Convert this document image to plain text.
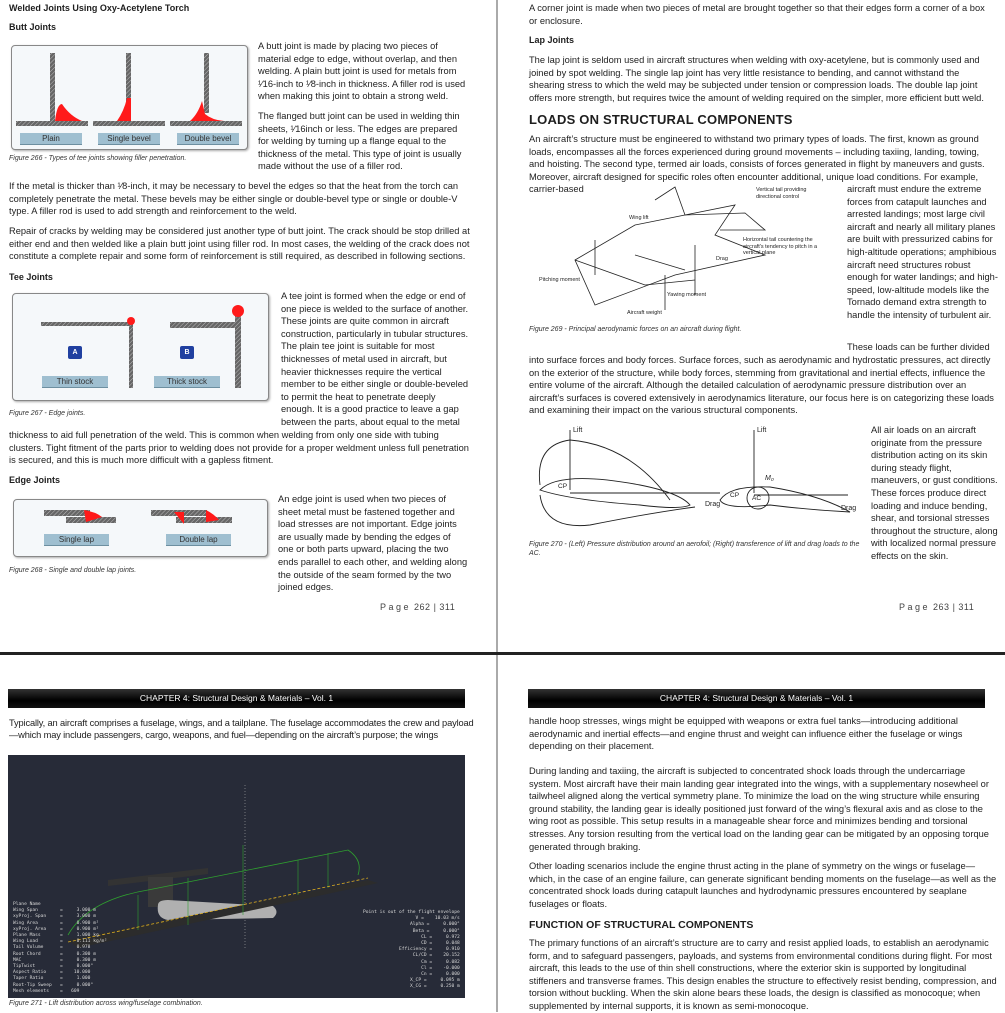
Welded Joints Using Oxy-Acetylene Torch
Butt Joints
Plain	Single bevel	Double bevel
Figure 266 - Types of tee joints showing filler penetration.
A butt joint is made by placing two pieces of material edge to edge, without overlap, and then welding. A plain butt joint is used for metals from ¹⁄16-inch to ¹⁄8-inch in thickness. A filler rod is used when making this joint to obtain a strong weld.
The flanged butt joint can be used in welding thin sheets, ¹⁄16inch or less. The edges are prepared for welding by turning up a flange equal to the thickness of the metal. This type of joint is usually made without the use of a filler rod.
If the metal is thicker than ¹⁄8-inch, it may be necessary to bevel the edges so that the heat from the torch can completely penetrate the metal. These bevels may be either single or double-bevel type or single or double-V type. A filler rod is used to add strength and reinforcement to the weld.
Repair of cracks by welding may be considered just another type of butt joint. The crack should be stop drilled at either end and then welded like a plain butt joint using filler rod. In most cases, the welding of the crack does not constitute a complete repair and some form of reinforcement is still required, as described in following sections.
Tee Joints
A	B
Thin stock	Thick stock
Figure 267 - Edge joints.
A tee joint is formed when the edge or end of one piece is welded to the surface of another. These joints are quite common in aircraft construction, particularly in tubular structures. The plain tee joint is suitable for most thicknesses of metal used in aircraft, but heavier thicknesses require the vertical member to be either single or double-beveled to permit the heat to penetrate deeply enough. It is a good practice to leave a gap between the parts, about equal to the metal
thickness to aid full penetration of the weld. This is common when welding from only one side with tubing clusters. Tight fitment of the parts prior to welding does not provide for a proper weldment unless full penetration is secured, and this is much more difficult with a gapless fitment.
Edge Joints
Single lap	Double lap
Figure 268 - Single and double lap joints.
An edge joint is used when two pieces of sheet metal must be fastened together and load stresses are not important. Edge joints are usually made by bending the edges of one or both parts upward, placing the two ends parallel to each other, and welding along the outside of the seam formed by the two joined edges.
Page 262 | 311
A corner joint is made when two pieces of metal are brought together so that their edges form a corner of a box or enclosure.
Lap Joints
The lap joint is seldom used in aircraft structures when welding with oxy-acetylene, but is commonly used and joined by spot welding. The single lap joint has very little resistance to bending, and cannot withstand the shearing stress to which the weld may be subjected under tension or compression loads. The double lap joint offers more strength, but requires twice the amount of welding required on the simpler, more efficient butt weld.
LOADS ON STRUCTURAL COMPONENTS
An aircraft’s structure must be engineered to withstand two primary types of loads. The first, known as ground loads, encompasses all the forces experienced during ground movements – including taxiing, landing, towing, and hoisting. The second type, termed air loads, consists of forces generated in flight by maneuvers and gusts. Moreover, aircraft designed for specific roles often encounter additional, unique load conditions. For example, carrier-based	Vertical tail providing directional control
Wing lift
Horizontal tail countering the aircraft's tendency to pitch in a vertical plane
Drag
Pitching moment
Yawing moment
Aircraft weight
Figure 269 - Principal aerodynamic forces on an aircraft during flight.
aircraft must endure the extreme forces from catapult launches and arrested landings; most large civil aircraft and nearly all military planes are built with pressurized cabins for high-altitude operations; amphibious aircraft need structures robust enough for water landings; and high-speed, low-altitude models like the Tornado demand extra strength to handle the intensity of turbulent air.
These loads can be further divided
into surface forces and body forces. Surface forces, such as aerodynamic and hydrostatic pressures, act directly on the exterior of the structure, while body forces, stemming from gravitational and inertial effects, influence the entire volume of the aircraft. Although the detailed calculation of aerodynamic pressure distribution over an aircraft’s surfaces is covered extensively in aerodynamics literature, our focus here is on categorizing these loads and examining their impact on the various structural components.
Lift	Lift
Drag
Drag
CP
CP AC
M₀
Figure 270 - (Left) Pressure distribution around an aerofoil; (Right) transference of lift and drag loads to the AC.
All air loads on an aircraft originate from the pressure distribution acting on its skin during steady flight, maneuvers, or gust conditions. These forces produce direct loading and induce bending, shear, and torsional stresses throughout the structure, along with localized normal pressure effects on the skin.
Page 263 | 311
CHAPTER 4: Structural Design & Materials – Vol. 1
Typically, an aircraft comprises a fuselage, wings, and a tailplane. The fuselage accommodates the crew and payload—which may include passengers, cargo, weapons, and fuel—depending on the aircraft’s purpose; the wings
Plane Name
Wing Span        =     3.000 m
xyProj. Span     =     3.000 m
Wing Area        =     0.900 m²
xyProj. Area     =     0.900 m²
Plane Mass       =     1.000 kg
Wing Load        =     0.111 kg/m²
Tail Volume      =     0.978
Root Chord       =     0.300 m
MAC              =     0.300 m
TipTwist         =     0.000°
Aspect Ratio     =    10.000
Taper Ratio      =     1.000
Root-Tip Sweep   =     0.000°
Mesh elements    =   609
Point is out of the flight envelope
V =    10.03 m/s
Alpha =     0.000°
Beta =     0.000°
CL =     0.972
CD =     0.048
Efficiency =     0.910
CL/CD =    20.152
Cm =     0.082
Cl =    -0.000
Cn =     0.000
X_CP =     0.095 m
X_CG =     0.250 m
Figure 271 - Lift distribution across wing/fuselage combination.
CHAPTER 4: Structural Design & Materials – Vol. 1
handle hoop stresses, wings might be equipped with weapons or extra fuel tanks—introducing additional aerodynamic and inertial effects—and engine thrust and weight can influence either the fuselage or wings depending on their placement.
During landing and taxiing, the aircraft is subjected to concentrated shock loads through the undercarriage system. Most aircraft have their main landing gear integrated into the wings, with a supplementary nosewheel or tailwheel aligned along the vertical symmetry plane. To minimize the load on the wing structure while ensuring ground stability, the landing gear is ideally positioned just forward of the wing’s flexural axis and as close to the wing root as possible. This setup results in a manageable shear force and minimizes bending and torsional stresses. Any torsion resulting from the vertical load on the landing gear can be mitigated by an opposing torque generated through braking.
Other loading scenarios include the engine thrust acting in the plane of symmetry on the wings or fuselage—which, in the case of an engine failure, can generate significant bending moments on the fuselage—as well as the concentrated shock loads during catapult launches and hydrodynamic pressures encountered by seaplane fuselages or floats.
FUNCTION OF STRUCTURAL COMPONENTS
The primary functions of an aircraft’s structure are to carry and resist applied loads, to establish an aerodynamic form, and to safeguard passengers, payloads, and systems from environmental conditions during flight. For most aircraft, this leads to the use of thin shell constructions, where the exterior skin is supported by longitudinal stiffeners and transverse frames. This design enables the structure to effectively resist bending, compression, and torsion without buckling. When the skin alone bears these loads, the design is classified as monocoque; when supplemented by internal supports, it is known as semi-monocoque.
